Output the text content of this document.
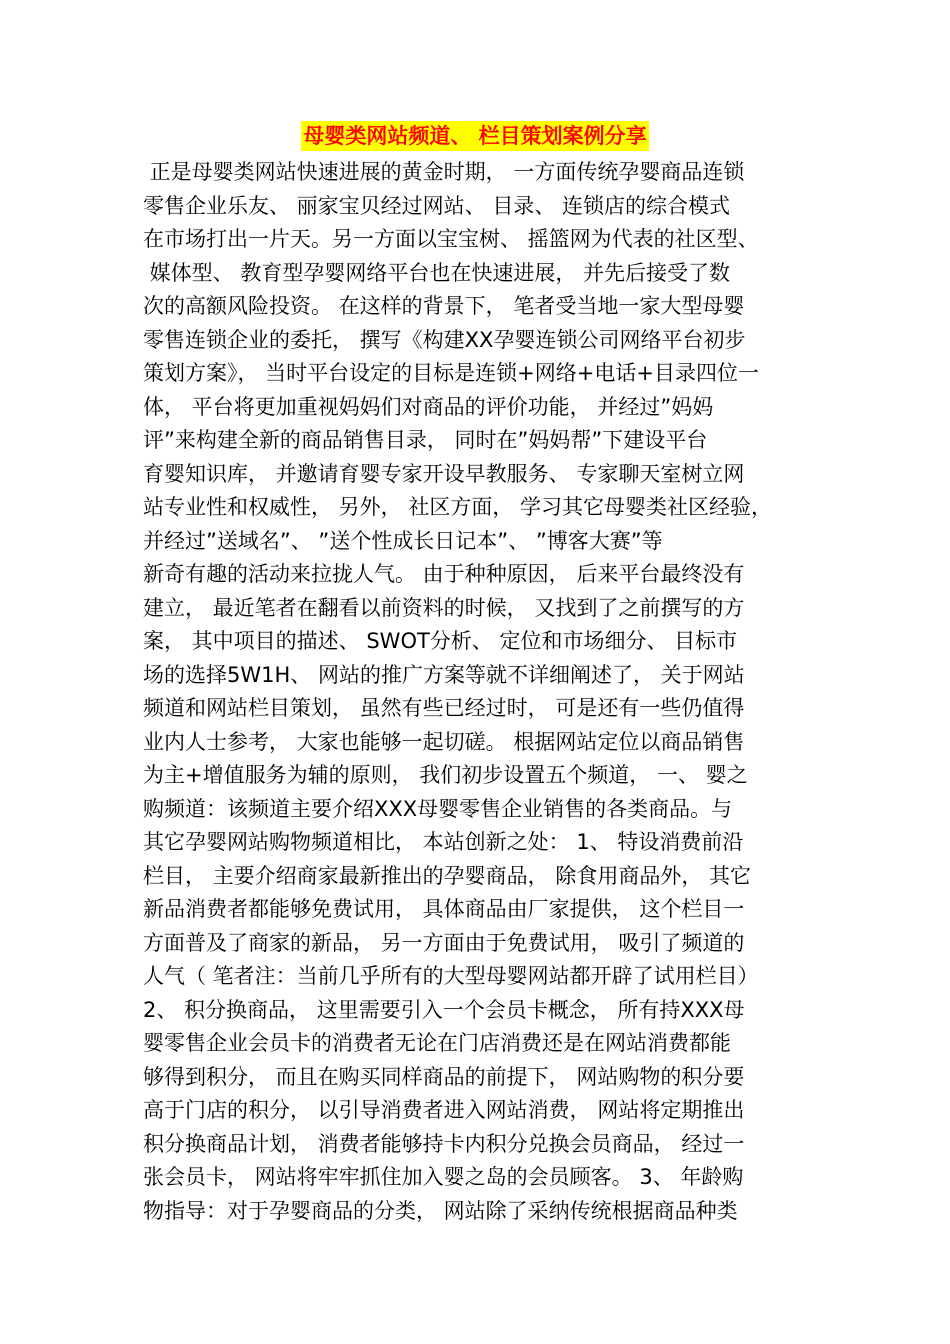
母婴类网站频道、 栏目策划案例分享
正是母婴类网站快速进展的黄金时期， 一方面传统孕婴商品连锁
零售企业乐友、 丽家宝贝经过网站、 目录、 连锁店的综合模式
在市场打出一片天。另一方面以宝宝树、 摇篮网为代表的社区型、
媒体型、 教育型孕婴网络平台也在快速进展， 并先后接受了数
次的高额风险投资。 在这样的背景下， 笔者受当地一家大型母婴
零售连锁企业的委托， 撰写《构建XX孕婴连锁公司网络平台初步
策划方案》， 当时平台设定的目标是连锁+网络+电话+目录四位一
体， 平台将更加重视妈妈们对商品的评价功能， 并经过”妈妈
评”来构建全新的商品销售目录， 同时在”妈妈帮”下建设平台
育婴知识库， 并邀请育婴专家开设早教服务、 专家聊天室树立网
站专业性和权威性， 另外， 社区方面， 学习其它母婴类社区经验，
并经过”送域名”、 ”送个性成长日记本”、 ”博客大赛”等
新奇有趣的活动来拉拢人气。 由于种种原因， 后来平台最终没有
建立， 最近笔者在翻看以前资料的时候， 又找到了之前撰写的方
案， 其中项目的描述、 SWOT分析、 定位和市场细分、 目标市
场的选择5W1H、 网站的推广方案等就不详细阐述了， 关于网站
频道和网站栏目策划， 虽然有些已经过时， 可是还有一些仍值得
业内人士参考， 大家也能够一起切磋。 根据网站定位以商品销售
为主+增值服务为辅的原则， 我们初步设置五个频道， 一、 婴之
购频道：该频道主要介绍XXX母婴零售企业销售的各类商品。与
其它孕婴网站购物频道相比， 本站创新之处： 1、 特设消费前沿
栏目， 主要介绍商家最新推出的孕婴商品， 除食用商品外， 其它
新品消费者都能够免费试用， 具体商品由厂家提供， 这个栏目一
方面普及了商家的新品， 另一方面由于免费试用， 吸引了频道的
人气（ 笔者注：当前几乎所有的大型母婴网站都开辟了试用栏目）
2、 积分换商品， 这里需要引入一个会员卡概念， 所有持XXX母
婴零售企业会员卡的消费者无论在门店消费还是在网站消费都能
够得到积分， 而且在购买同样商品的前提下， 网站购物的积分要
高于门店的积分， 以引导消费者进入网站消费， 网站将定期推出
积分换商品计划， 消费者能够持卡内积分兑换会员商品， 经过一
张会员卡， 网站将牢牢抓住加入婴之岛的会员顾客。 3、 年龄购
物指导：对于孕婴商品的分类， 网站除了采纳传统根据商品种类
